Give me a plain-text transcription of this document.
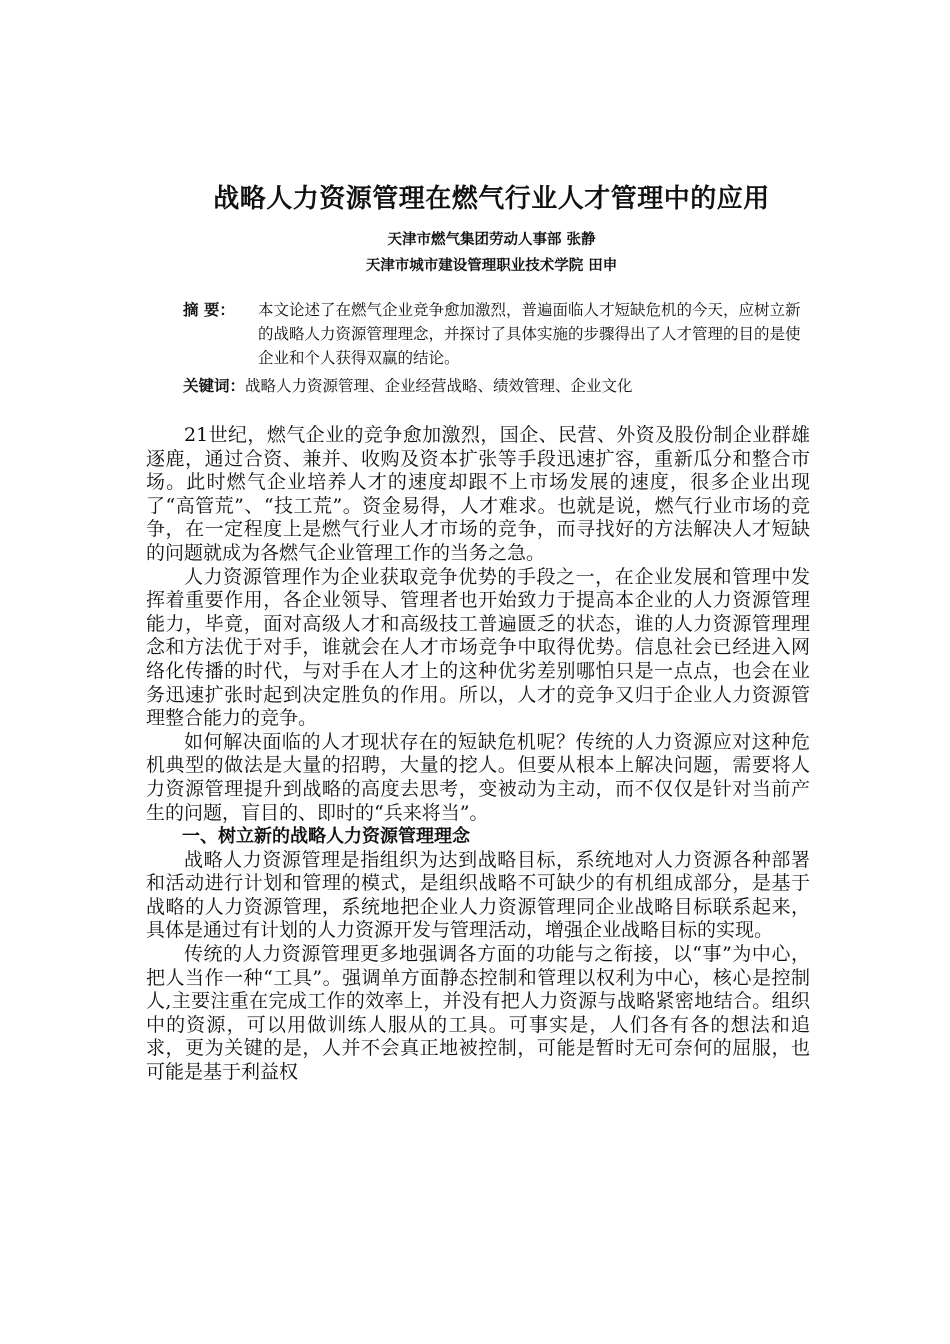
战略人力资源管理在燃气行业人才管理中的应用
天津市燃气集团劳动人事部 张静
天津市城市建设管理职业技术学院 田申
摘 要： 本文论述了在燃气企业竞争愈加激烈，普遍面临人才短缺危机的今天，应树立新的战略人力资源管理理念，并探讨了具体实施的步骤得出了人才管理的目的是使企业和个人获得双赢的结论。
关键词：战略人力资源管理、企业经营战略、绩效管理、企业文化

21世纪，燃气企业的竞争愈加激烈，国企、民营、外资及股份制企业群雄逐鹿，通过合资、兼并、收购及资本扩张等手段迅速扩容，重新瓜分和整合市场。此时燃气企业培养人才的速度却跟不上市场发展的速度，很多企业出现了“高管荒”、“技工荒”。资金易得，人才难求。也就是说，燃气行业市场的竞争，在一定程度上是燃气行业人才市场的竞争，而寻找好的方法解决人才短缺的问题就成为各燃气企业管理工作的当务之急。

人力资源管理作为企业获取竞争优势的手段之一，在企业发展和管理中发挥着重要作用，各企业领导、管理者也开始致力于提高本企业的人力资源管理能力，毕竟，面对高级人才和高级技工普遍匮乏的状态，谁的人力资源管理理念和方法优于对手，谁就会在人才市场竞争中取得优势。信息社会已经进入网络化传播的时代，与对手在人才上的这种优劣差别哪怕只是一点点，也会在业务迅速扩张时起到决定胜负的作用。所以，人才的竞争又归于企业人力资源管理整合能力的竞争。

如何解决面临的人才现状存在的短缺危机呢？传统的人力资源应对这种危机典型的做法是大量的招聘，大量的挖人。但要从根本上解决问题，需要将人力资源管理提升到战略的高度去思考，变被动为主动，而不仅仅是针对当前产生的问题，盲目的、即时的“兵来将当”。

一、树立新的战略人力资源管理理念

战略人力资源管理是指组织为达到战略目标，系统地对人力资源各种部署和活动进行计划和管理的模式，是组织战略不可缺少的有机组成部分，是基于战略的人力资源管理，系统地把企业人力资源管理同企业战略目标联系起来，具体是通过有计划的人力资源开发与管理活动，增强企业战略目标的实现。

传统的人力资源管理更多地强调各方面的功能与之衔接，以“事”为中心，把人当作一种“工具”。强调单方面静态控制和管理以权利为中心，核心是控制人,主要注重在完成工作的效率上，并没有把人力资源与战略紧密地结合。组织中的资源，可以用做训练人服从的工具。可事实是，人们各有各的想法和追求，更为关键的是，人并不会真正地被控制，可能是暂时无可奈何的屈服，也可能是基于利益权
